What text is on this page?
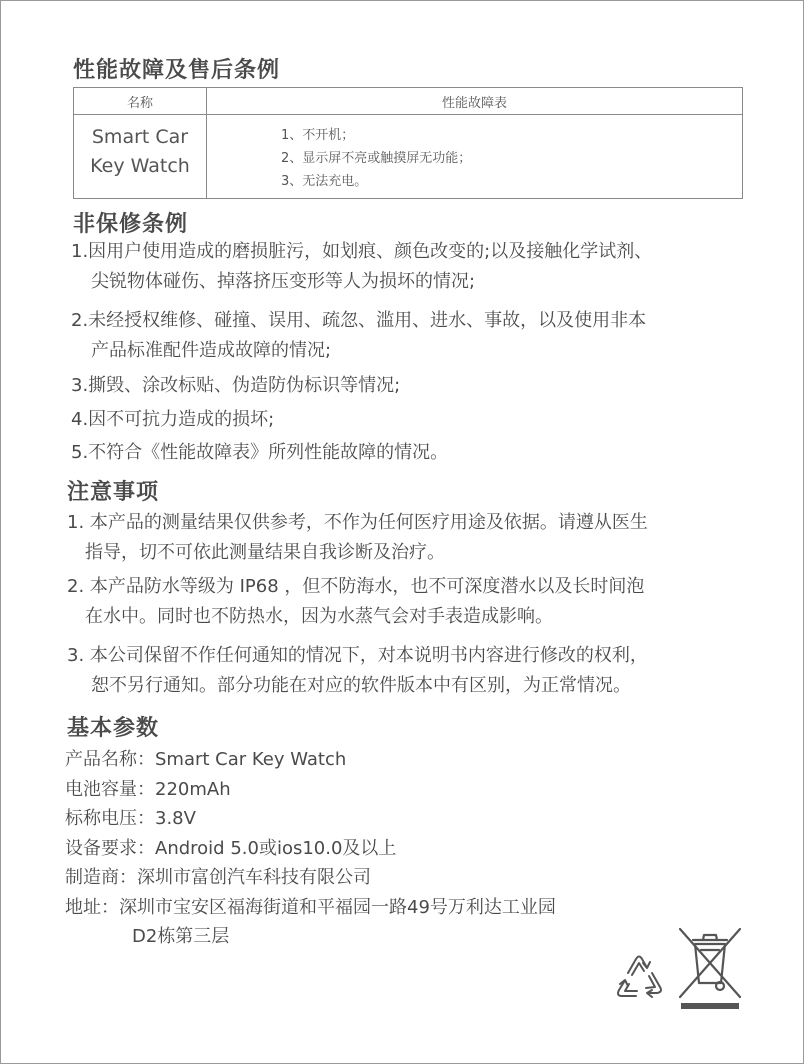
性能故障及售后条例
名称	性能故障表
Smart Car
Key Watch
1、不开机；
2、显示屏不亮或触摸屏无功能；
3、无法充电。
非保修条例
1.因用户使用造成的磨损脏污，如划痕、颜色改变的;以及接触化学试剂、
尖锐物体碰伤、掉落挤压变形等人为损坏的情况;
2.未经授权维修、碰撞、误用、疏忽、滥用、进水、事故，以及使用非本
产品标准配件造成故障的情况;
3.撕毁、涂改标贴、伪造防伪标识等情况;
4.因不可抗力造成的损坏;
5.不符合《性能故障表》所列性能故障的情况。
注意事项
1. 本产品的测量结果仅供参考，不作为任何医疗用途及依据。请遵从医生
指导，切不可依此测量结果自我诊断及治疗。
2. 本产品防水等级为 IP68 ，但不防海水，也不可深度潜水以及长时间泡
在水中。同时也不防热水，因为水蒸气会对手表造成影响。
3. 本公司保留不作任何通知的情况下，对本说明书内容进行修改的权利，
恕不另行通知。部分功能在对应的软件版本中有区别，为正常情况。
基本参数
产品名称：Smart Car Key Watch
电池容量：220mAh
标称电压：3.8V
设备要求：Android 5.0或ios10.0及以上
制造商：深圳市富创汽车科技有限公司
地址：深圳市宝安区福海街道和平福园一路49号万利达工业园
D2栋第三层
